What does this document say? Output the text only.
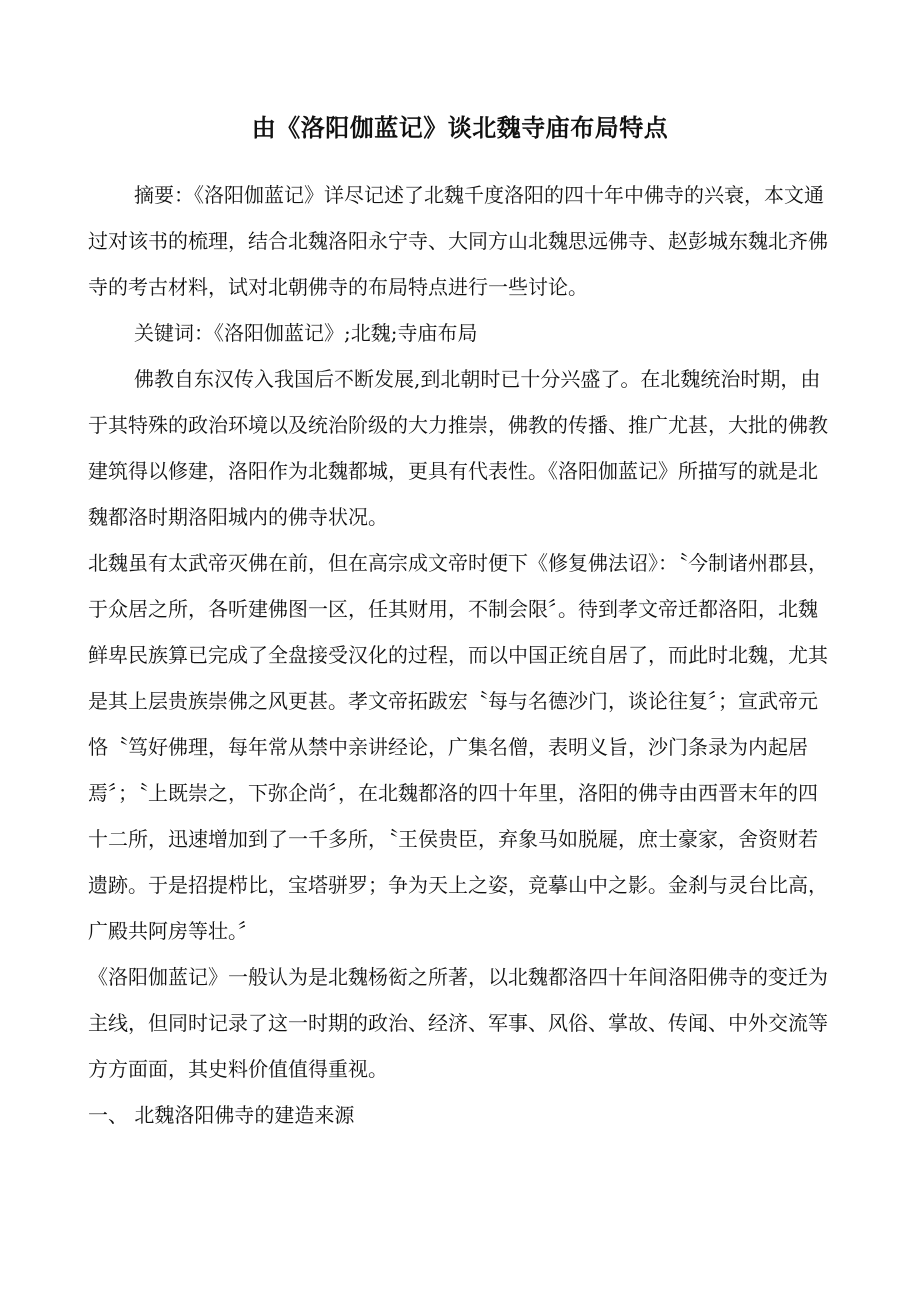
由《洛阳伽蓝记》谈北魏寺庙布局特点

摘要：《洛阳伽蓝记》详尽记述了北魏千度洛阳的四十年中佛寺的兴衰，本文通过对该书的梳理，结合北魏洛阳永宁寺、大同方山北魏思远佛寺、赵彭城东魏北齐佛寺的考古材料，试对北朝佛寺的布局特点进行一些讨论。

关键词：《洛阳伽蓝记》;北魏;寺庙布局

佛教自东汉传入我国后不断发展,到北朝时已十分兴盛了。在北魏统治时期，由于其特殊的政治环境以及统治阶级的大力推崇，佛教的传播、推广尤甚，大批的佛教建筑得以修建，洛阳作为北魏都城，更具有代表性。《洛阳伽蓝记》所描写的就是北魏都洛时期洛阳城内的佛寺状况。

北魏虽有太武帝灭佛在前，但在高宗成文帝时便下《修复佛法诏》：〝今制诸州郡县，于众居之所，各听建佛图一区，任其财用，不制会限〞。待到孝文帝迁都洛阳，北魏鲜卑民族算已完成了全盘接受汉化的过程，而以中国正统自居了，而此时北魏，尤其是其上层贵族崇佛之风更甚。孝文帝拓跋宏〝每与名德沙门，谈论往复〞；宣武帝元恪〝笃好佛理，每年常从禁中亲讲经论，广集名僧，表明义旨，沙门条录为内起居焉〞；〝上既崇之，下弥企尚〞，在北魏都洛的四十年里，洛阳的佛寺由西晋末年的四十二所，迅速增加到了一千多所，〝王侯贵臣，弃象马如脱屣，庶士豪家，舍资财若遗跡。于是招提栉比，宝塔骈罗；争为天上之姿，竞摹山中之影。金刹与灵台比高，广殿共阿房等壮。〞

《洛阳伽蓝记》一般认为是北魏杨衒之所著，以北魏都洛四十年间洛阳佛寺的变迁为主线，但同时记录了这一时期的政治、经济、军事、风俗、掌故、传闻、中外交流等方方面面，其史料价值值得重视。

一、 北魏洛阳佛寺的建造来源
